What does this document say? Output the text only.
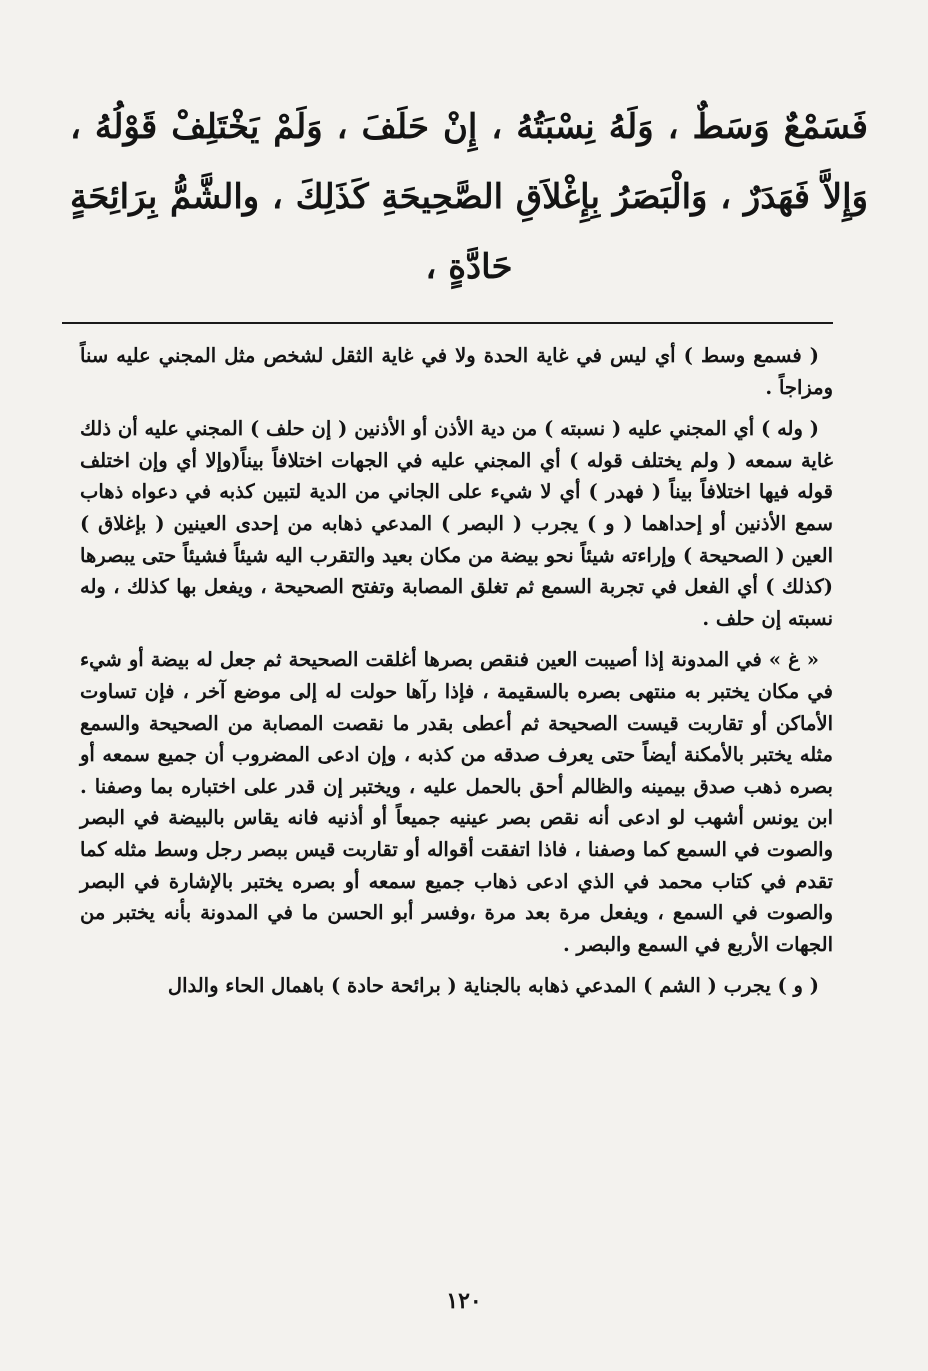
فَسَمْعٌ وَسَطٌ ، وَلَهُ نِسْبَتُهُ ، إِنْ حَلَفَ ، وَلَمْ يَخْتَلِفْ قَوْلُهُ ، وَإِلاَّ فَهَدَرٌ ، وَالْبَصَرُ بِإِغْلاَقِ الصَّحِيحَةِ كَذَلِكَ ، والشَّمُّ بِرَائِحَةٍ حَادَّةٍ ،

( فسمع وسط ) أي ليس في غاية الحدة ولا في غاية الثقل لشخص مثل المجني عليه سناً ومزاجاً .

( وله ) أي المجني عليه ( نسبته ) من دية الأذن أو الأذنين ( إن حلف ) المجني عليه أن ذلك غاية سمعه ( ولم يختلف قوله ) أي المجني عليه في الجهات اختلافاً بيناً(وإلا أي وإن اختلف قوله فيها اختلافاً بيناً ( فهدر ) أي لا شيء على الجاني من الدية لتبين كذبه في دعواه ذهاب سمع الأذنين أو إحداهما ( و ) يجرب ( البصر ) المدعي ذهابه من إحدى العينين ( بإغلاق ) العين ( الصحيحة ) وإراءته شيئاً نحو بيضة من مكان بعيد والتقرب اليه شيئاً فشيئاً حتى يبصرها (كذلك ) أي الفعل في تجربة السمع ثم تغلق المصابة وتفتح الصحيحة ، ويفعل بها كذلك ، وله نسبته إن حلف .

« غ » في المدونة إذا أصيبت العين فنقص بصرها أغلقت الصحيحة ثم جعل له بيضة أو شيء في مكان يختبر به منتهى بصره بالسقيمة ، فإذا رآها حولت له إلى موضع آخر ، فإن تساوت الأماكن أو تقاربت قيست الصحيحة ثم أعطى بقدر ما نقصت المصابة من الصحيحة والسمع مثله يختبر بالأمكنة أيضاً حتى يعرف صدقه من كذبه ، وإن ادعى المضروب أن جميع سمعه أو بصره ذهب صدق بيمينه والظالم أحق بالحمل عليه ، ويختبر إن قدر على اختباره بما وصفنا . ابن يونس أشهب لو ادعى أنه نقص بصر عينيه جميعاً أو أذنيه فانه يقاس بالبيضة في البصر والصوت في السمع كما وصفنا ، فاذا اتفقت أقواله أو تقاربت قيس ببصر رجل وسط مثله كما تقدم في كتاب محمد في الذي ادعى ذهاب جميع سمعه أو بصره يختبر بالإشارة في البصر والصوت في السمع ، ويفعل مرة بعد مرة ،وفسر أبو الحسن ما في المدونة بأنه يختبر من الجهات الأربع في السمع والبصر .

( و ) يجرب ( الشم ) المدعي ذهابه بالجناية ( برائحة حادة ) باهمال الحاء والدال

١٢٠
